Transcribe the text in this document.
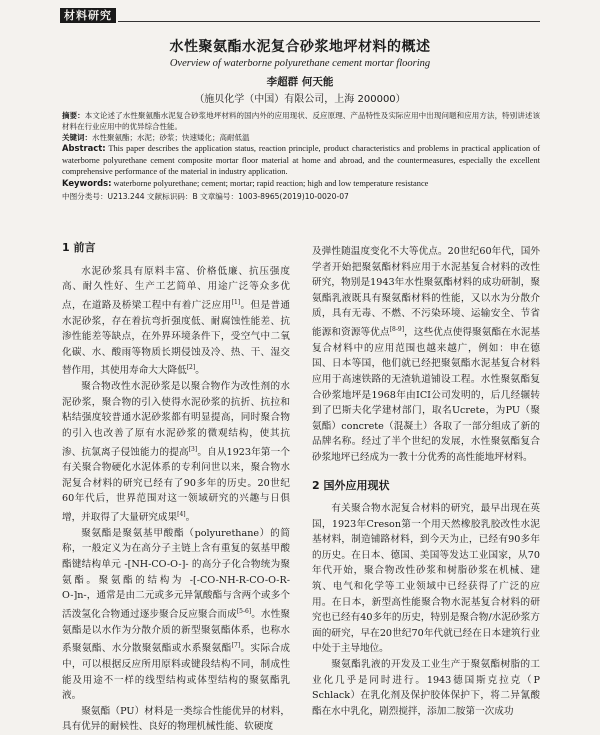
材料研究
水性聚氨酯水泥复合砂浆地坪材料的概述
Overview of waterborne polyurethane cement mortar flooring
李超群 何天能
（施贝化学（中国）有限公司，上海 200000）

摘要：本文论述了水性聚氨酯水泥复合砂浆地坪材料的国内外的应用现状、反应原理、产品特性及实际应用中出现问题和应用方法，特别讲述该材料在行业应用中的优异综合性能。

关键词：水性聚氨酯；水泥；砂浆；快速矮化；高耐低温

Abstract: This paper describes the application status, reaction principle, product characteristics and problems in practical application of waterborne polyurethane cement composite mortar floor material at home and abroad, and the countermeasures, especially the excellent comprehensive performance of the material in industry application.

Keywords: waterborne polyurethane; cement; mortar; rapid reaction; high and low temperature resistance

中图分类号：U213.244 文献标识码：B 文章编号：1003-8965(2019)10-0020-07

1 前言

水泥砂浆具有原料丰富、价格低廉、抗压强度高、耐久性好、生产工艺简单、用途广泛等众多优点，在道路及桥梁工程中有着广泛应用[1]。但是普通水泥砂浆，存在着抗弯折强度低、耐腐蚀性能差、抗渗性能差等缺点，在外界环境条件下，受空气中二氧化碳、水、酸雨等物质长期侵蚀及冷、热、干、湿交替作用，其使用寿命大大降低[2]。

聚合物改性水泥砂浆是以聚合物作为改性剂的水泥砂浆，聚合物的引入使得水泥砂浆的抗折、抗拉和粘结强度较普通水泥砂浆都有明显提高，同时聚合物的引入也改善了原有水泥砂浆的微观结构，使其抗渗、抗氯离子侵蚀能力的提高[3]。自从1923年第一个有关聚合物硬化水泥体系的专利问世以来，聚合物水泥复合材料的研究已经有了90多年的历史。20世纪60年代后，世界范围对这一领域研究的兴趣与日俱增，并取得了大量研究成果[4]。

聚氨酯是聚氨基甲酸酯（polyurethane）的简称，一般定义为在高分子主链上含有重复的氨基甲酸酯键结构单元 -[NH-CO-O-]- 的高分子化合物统为聚氨酯。聚氨酯的结构为 -[-CO-NH-R-CO-O-R-O-]n-，通常是由二元或多元异氰酸酯与含两个或多个活泼氢化合物通过逐步聚合反应聚合而成[5-6]。水性聚氨酯是以水作为分散介质的新型聚氨酯体系，也称水系聚氨酯、水分散聚氨酯或水系聚氨酯[7]。实际合成中，可以根据反应所用原料或键段结构不同，制成性能及用途不一样的线型结构或体型结构的聚氨酯乳液。

聚氨酯（PU）材料是一类综合性能优异的材料，具有优异的耐候性、良好的物理机械性能、软硬度

及弹性随温度变化不大等优点。20世纪60年代，国外学者开始把聚氨酯材料应用于水泥基复合材料的改性研究，物别是1943年水性聚氨酯材料的成功研制，聚氨酯乳液既具有聚氨酯材料的性能，又以水为分散介质，具有无毒、不燃、不污染环境、运输安全、节省能源和资源等优点[8-9]，这些优点使得聚氨酯在水泥基复合材料中的应用范围也越来越广，例如：申在德国、日本等国，他们就已经把聚氨酯水泥基复合材料应用于高速铁路的无渣轨道铺设工程。水性聚氨酯复合砂浆地坪是1968年由ICI公司发明的，后几经辗转到了巴斯夫化学建材部门，取名Ucrete，为PU（聚氨酯）concrete（混凝土）各取了一部分组成了新的品牌名称。经过了半个世纪的发展，水性聚氨酯复合砂浆地坪已经成为一教十分优秀的高性能地坪材料。

2 国外应用现状

有关聚合物水泥复合材料的研究，最早出现在英国，1923年Creson第一个用天然橡胶乳胶改性水泥基材料，制造铺路材料，到今天为止，已经有90多年的历史。在日本、德国、美国等发达工业国家，从70年代开始，聚合物改性砂浆和树脂砂浆在机械、建筑、电气和化学等工业领域中已经获得了广泛的应用。在日本，新型高性能聚合物水泥基复合材料的研究也已经有40多年的历史，特别是聚合物/水泥砂浆方面的研究，早在20世纪70年代就已经在日本建筑行业中处于主导地位。

聚氨酯乳液的开发及工业生产于聚氨酯树脂的工业化几乎是同时进行。1943德国斯克拉克（P Schlack）在乳化剂及保护胶体保护下，将二异氰酸酯在水中乳化，剧烈搅拌，添加二胺第一次成功
